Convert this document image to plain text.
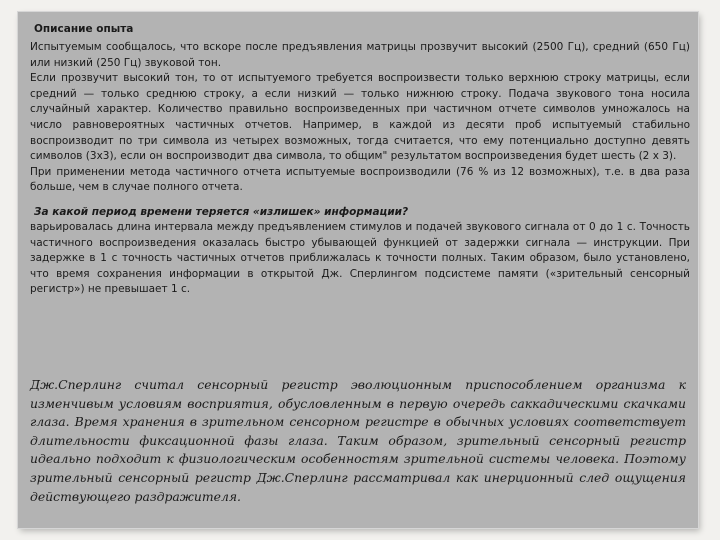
Описание опыта

Испытуемым сообщалось, что вскоре после предъявления матрицы прозвучит высокий (2500 Гц), средний (650 Гц) или низкий (250 Гц) звуковой тон.

Если прозвучит высокий тон, то от испытуемого требуется воспроизвести только верхнюю строку матрицы, если средний — только среднюю строку, а если низкий — только нижнюю строку. Подача звукового тона носила случайный характер. Количество правильно воспроизведенных при частичном отчете символов умножалось на число равновероятных частичных отчетов. Например, в каждой из десяти проб испытуемый стабильно воспроизводит по три символа из четырех возможных, тогда считается, что ему потенциально доступно девять символов (3х3), если он воспроизводит два символа, то общим" результатом воспроизведения будет шесть (2 х 3).

При применении метода частичного отчета испытуемые воспроизводили (76 % из 12 возможных), т.е. в два раза больше, чем в случае полного отчета.

За какой период времени теряется «излишек» информации?

варьировалась длина интервала между предъявлением стимулов и подачей звукового сигнала от 0 до 1 с. Точность частичного воспроизведения оказалась быстро убывающей функцией от задержки сигнала — инструкции. При задержке в 1 с точность частичных отчетов приближалась к точности полных. Таким образом, было установлено, что время сохранения информации в открытой Дж. Сперлингом подсистеме памяти («зрительный сенсорный регистр») не превышает 1 с.

Дж.Сперлинг считал сенсорный регистр эволюционным приспособлением организма к изменчивым условиям восприятия, обусловленным в первую очередь саккадическими скачками глаза. Время хранения в зрительном сенсорном регистре в обычных условиях соответствует длительности фиксационной фазы глаза. Таким образом, зрительный сенсорный регистр идеально подходит к физиологическим особенностям зрительной системы человека. Поэтому зрительный сенсорный регистр Дж.Сперлинг рассматривал как инерционный след ощущения действующего раздражителя.
